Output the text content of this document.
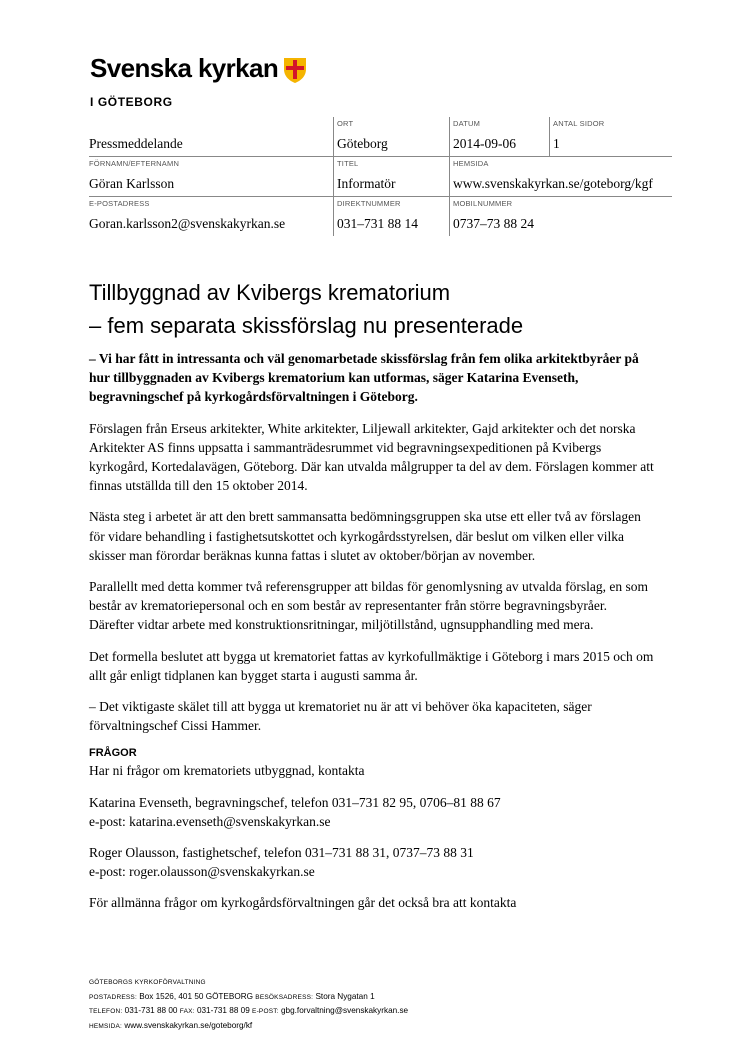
Svenska kyrkan
I GÖTEBORG
Pressmeddelande
ORT
Göteborg
DATUM
2014-09-06
ANTAL SIDOR
1
FÖRNAMN/EFTERNAMN
Göran Karlsson
TITEL
Informatör
HEMSIDA
www.svenskakyrkan.se/goteborg/kgf
E-POSTADRESS
Goran.karlsson2@svenskakyrkan.se
DIREKTNUMMER
031–731 88 14
MOBILNUMMER
0737–73 88 24
Tillbyggnad av Kvibergs krematorium
– fem separata skissförslag nu presenterade

– Vi har fått in intressanta och väl genomarbetade skissförslag från fem olika arkitektbyråer på hur tillbyggnaden av Kvibergs krematorium kan utformas, säger Katarina Evenseth, begravningschef på kyrkogårdsförvaltningen i Göteborg.

Förslagen från Erseus arkitekter, White arkitekter, Liljewall arkitekter, Gajd arkitekter och det norska Arkitekter AS finns uppsatta i sammanträdesrummet vid begravningsexpeditionen på Kvibergs kyrkogård, Kortedalavägen, Göteborg. Där kan utvalda målgrupper ta del av dem. Förslagen kommer att finnas utställda till den 15 oktober 2014.

Nästa steg i arbetet är att den brett sammansatta bedömningsgruppen ska utse ett eller två av förslagen för vidare behandling i fastighetsutskottet och kyrkogårdsstyrelsen, där beslut om vilken eller vilka skisser man förordar beräknas kunna fattas i slutet av oktober/början av november.

Parallellt med detta kommer två referensgrupper att bildas för genomlysning av utvalda förslag, en som består av krematoriepersonal och en som består av representanter från större begravningsbyråer. Därefter vidtar arbete med konstruktionsritningar, miljötillstånd, ugnsupphandling med mera.

Det formella beslutet att bygga ut krematoriet fattas av kyrkofullmäktige i Göteborg i mars 2015 och om allt går enligt tidplanen kan bygget starta i augusti samma år.

– Det viktigaste skälet till att bygga ut krematoriet nu är att vi behöver öka kapaciteten, säger förvaltningschef Cissi Hammer.

FRÅGOR

Har ni frågor om krematoriets utbyggnad, kontakta

Katarina Evenseth, begravningschef, telefon 031–731 82 95, 0706–81 88 67
e-post: katarina.evenseth@svenskakyrkan.se

Roger Olausson, fastighetschef, telefon 031–731 88 31, 0737–73 88 31
e-post: roger.olausson@svenskakyrkan.se

För allmänna frågor om kyrkogårdsförvaltningen går det också bra att kontakta

GÖTEBORGS KYRKOFÖRVALTNING
POSTADRESS: Box 1526, 401 50 GÖTEBORG BESÖKSADRESS: Stora Nygatan 1
TELEFON: 031-731 88 00 FAX: 031-731 88 09 E-POST: gbg.forvaltning@svenskakyrkan.se
HEMSIDA: www.svenskakyrkan.se/goteborg/kf
